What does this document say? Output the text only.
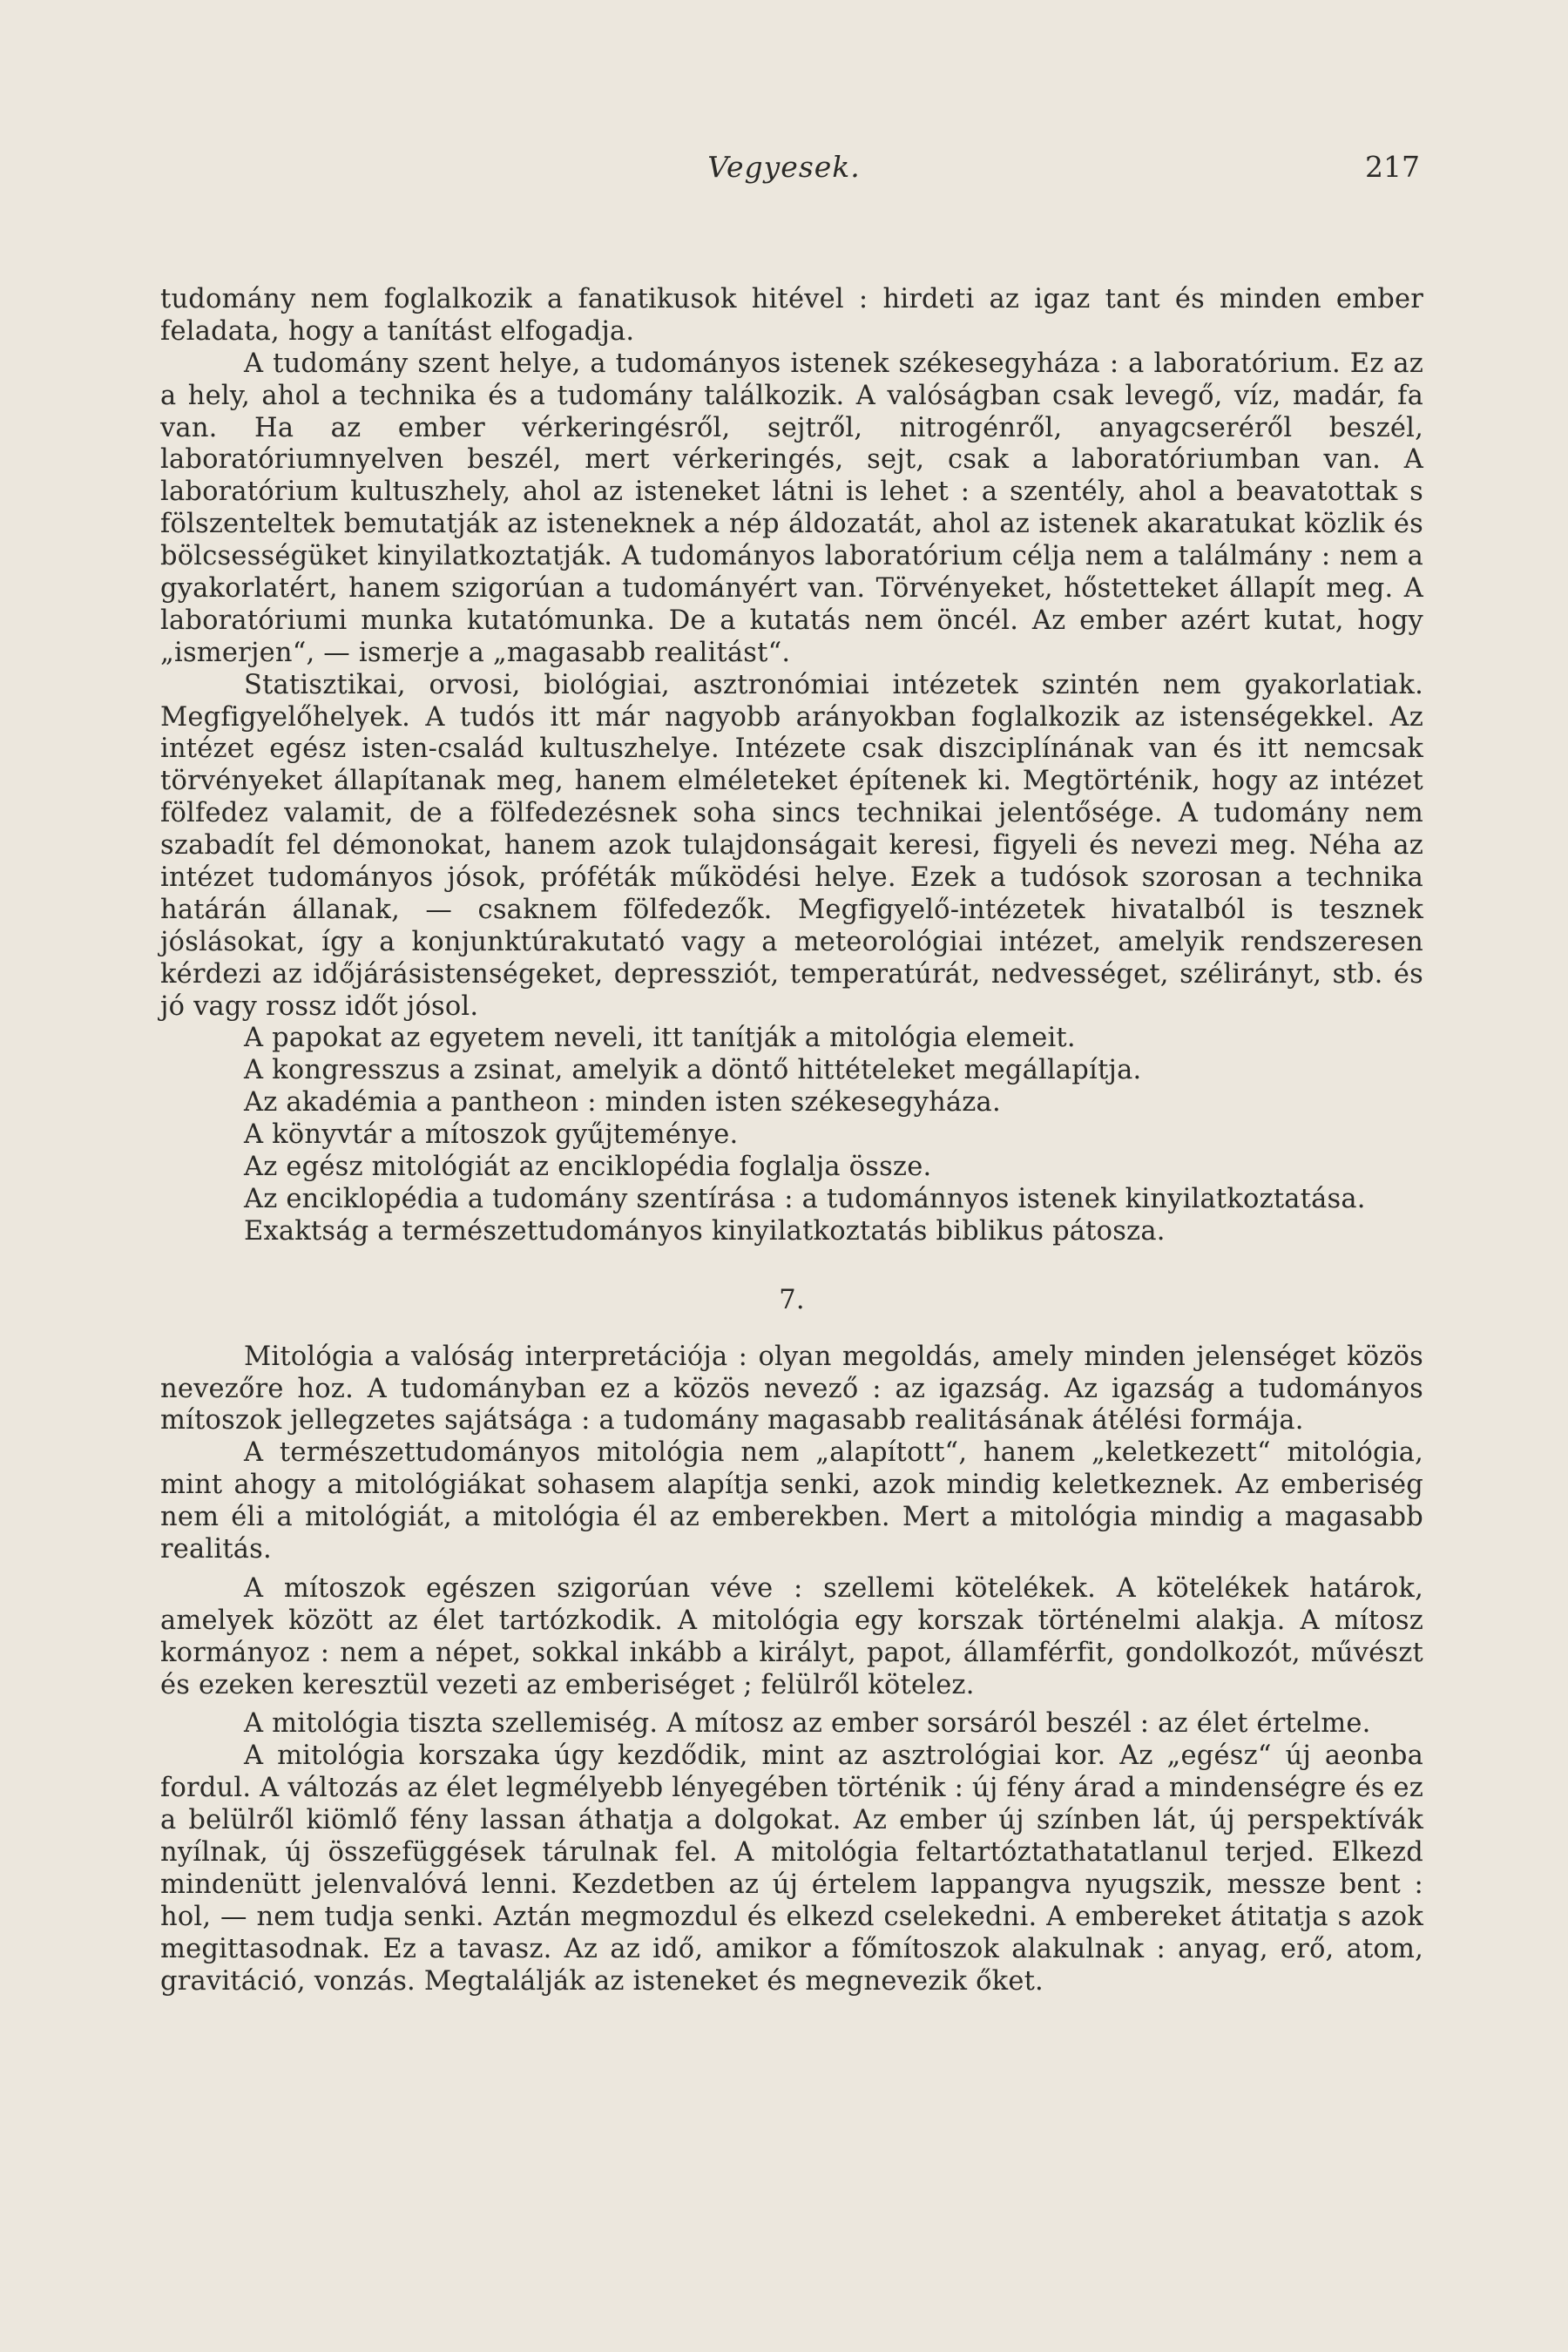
Vegyesek.	217

tudomány nem foglalkozik a fanatikusok hitével : hirdeti az igaz tant és minden ember feladata, hogy a tanítást elfogadja.

A tudomány szent helye, a tudományos istenek székesegyháza : a laboratórium. Ez az a hely, ahol a technika és a tudomány találkozik. A valóságban csak levegő, víz, madár, fa van. Ha az ember vérkeringésről, sejtről, nitrogénről, anyagcseréről beszél, laboratóriumnyelven beszél, mert vérkeringés, sejt, csak a laboratóriumban van. A laboratórium kultuszhely, ahol az isteneket látni is lehet : a szentély, ahol a beavatottak s fölszenteltek bemutatják az isteneknek a nép áldozatát, ahol az istenek akaratukat közlik és bölcsességüket kinyilatkoztatják. A tudományos laboratórium célja nem a találmány : nem a gyakorlatért, hanem szigorúan a tudományért van. Törvényeket, hőstetteket állapít meg. A laboratóriumi munka kutatómunka. De a kutatás nem öncél. Az ember azért kutat, hogy „ismerjen“, — ismerje a „magasabb realitást“.

Statisztikai, orvosi, biológiai, asztronómiai intézetek szintén nem gyakorlatiak. Megfigyelőhelyek. A tudós itt már nagyobb arányokban foglalkozik az istenségekkel. Az intézet egész isten-család kultuszhelye. Intézete csak diszciplínának van és itt nemcsak törvényeket állapítanak meg, hanem elméleteket építenek ki. Megtörténik, hogy az intézet fölfedez valamit, de a fölfedezésnek soha sincs technikai jelentősége. A tudomány nem szabadít fel démonokat, hanem azok tulajdonságait keresi, figyeli és nevezi meg. Néha az intézet tudományos jósok, próféták működési helye. Ezek a tudósok szorosan a technika határán állanak, — csaknem fölfedezők. Megfigyelő-intézetek hivatalból is tesznek jóslásokat, így a konjunktúrakutató vagy a meteorológiai intézet, amelyik rendszeresen kérdezi az időjárásistenségeket, depressziót, temperatúrát, nedvességet, szélirányt, stb. és jó vagy rossz időt jósol.

A papokat az egyetem neveli, itt tanítják a mitológia elemeit.

A kongresszus a zsinat, amelyik a döntő hittételeket megállapítja.

Az akadémia a pantheon : minden isten székesegyháza.

A könyvtár a mítoszok gyűjteménye.

Az egész mitológiát az enciklopédia foglalja össze.

Az enciklopédia a tudomány szentírása : a tudománnyos istenek kinyilatkoztatása.

Exaktság a természettudományos kinyilatkoztatás biblikus pátosza.

7.

Mitológia a valóság interpretációja : olyan megoldás, amely minden jelenséget közös nevezőre hoz. A tudományban ez a közös nevező : az igazság. Az igazság a tudományos mítoszok jellegzetes sajátsága : a tudomány magasabb realitásának átélési formája.

A természettudományos mitológia nem „alapított“, hanem „keletkezett“ mitológia, mint ahogy a mitológiákat sohasem alapítja senki, azok mindig keletkeznek. Az emberiség nem éli a mitológiát, a mitológia él az emberekben. Mert a mitológia mindig a magasabb realitás.

A mítoszok egészen szigorúan véve : szellemi kötelékek. A kötelékek határok, amelyek között az élet tartózkodik. A mitológia egy korszak történelmi alakja. A mítosz kormányoz : nem a népet, sokkal inkább a királyt, papot, államférfit, gondolkozót, művészt és ezeken keresztül vezeti az emberiséget ; felülről kötelez.

A mitológia tiszta szellemiség. A mítosz az ember sorsáról beszél : az élet értelme.

A mitológia korszaka úgy kezdődik, mint az asztrológiai kor. Az „egész“ új aeonba fordul. A változás az élet legmélyebb lényegében történik : új fény árad a mindenségre és ez a belülről kiömlő fény lassan áthatja a dolgokat. Az ember új színben lát, új perspektívák nyílnak, új összefüggések tárulnak fel. A mitológia feltartóztathatatlanul terjed. Elkezd mindenütt jelenvalóvá lenni. Kezdetben az új értelem lappangva nyugszik, messze bent : hol, — nem tudja senki. Aztán megmozdul és elkezd cselekedni. A embereket átitatja s azok megittasodnak. Ez a tavasz. Az az idő, amikor a főmítoszok alakulnak : anyag, erő, atom, gravitáció, vonzás. Megtalálják az isteneket és megnevezik őket.
